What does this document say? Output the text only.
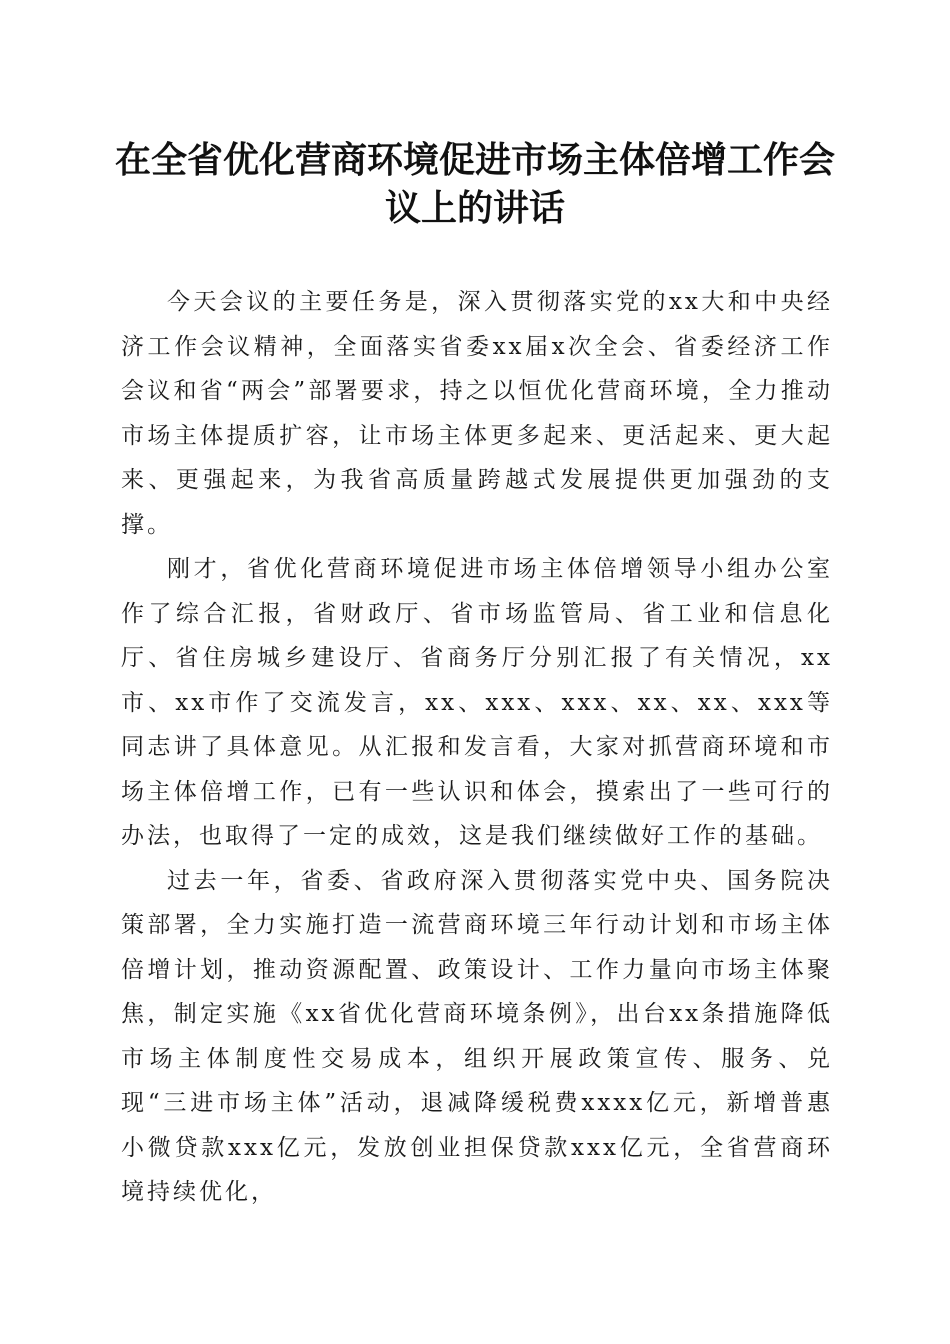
在全省优化营商环境促进市场主体倍增工作会
议上的讲话

今天会议的主要任务是，深入贯彻落实党的xx大和中央经济工作会议精神，全面落实省委xx届x次全会、省委经济工作会议和省“两会”部署要求，持之以恒优化营商环境，全力推动市场主体提质扩容，让市场主体更多起来、更活起来、更大起来、更强起来，为我省高质量跨越式发展提供更加强劲的支撑。

刚才，省优化营商环境促进市场主体倍增领导小组办公室作了综合汇报，省财政厅、省市场监管局、省工业和信息化厅、省住房城乡建设厅、省商务厅分别汇报了有关情况，xx市、xx市作了交流发言，xx、xxx、xxx、xx、xx、xxx等同志讲了具体意见。从汇报和发言看，大家对抓营商环境和市场主体倍增工作，已有一些认识和体会，摸索出了一些可行的办法，也取得了一定的成效，这是我们继续做好工作的基础。

过去一年，省委、省政府深入贯彻落实党中央、国务院决策部署，全力实施打造一流营商环境三年行动计划和市场主体倍增计划，推动资源配置、政策设计、工作力量向市场主体聚焦，制定实施《xx省优化营商环境条例》，出台xx条措施降低市场主体制度性交易成本，组织开展政策宣传、服务、兑现“三进市场主体”活动，退减降缓税费xxxx亿元，新增普惠小微贷款xxx亿元，发放创业担保贷款xxx亿元，全省营商环境持续优化，
